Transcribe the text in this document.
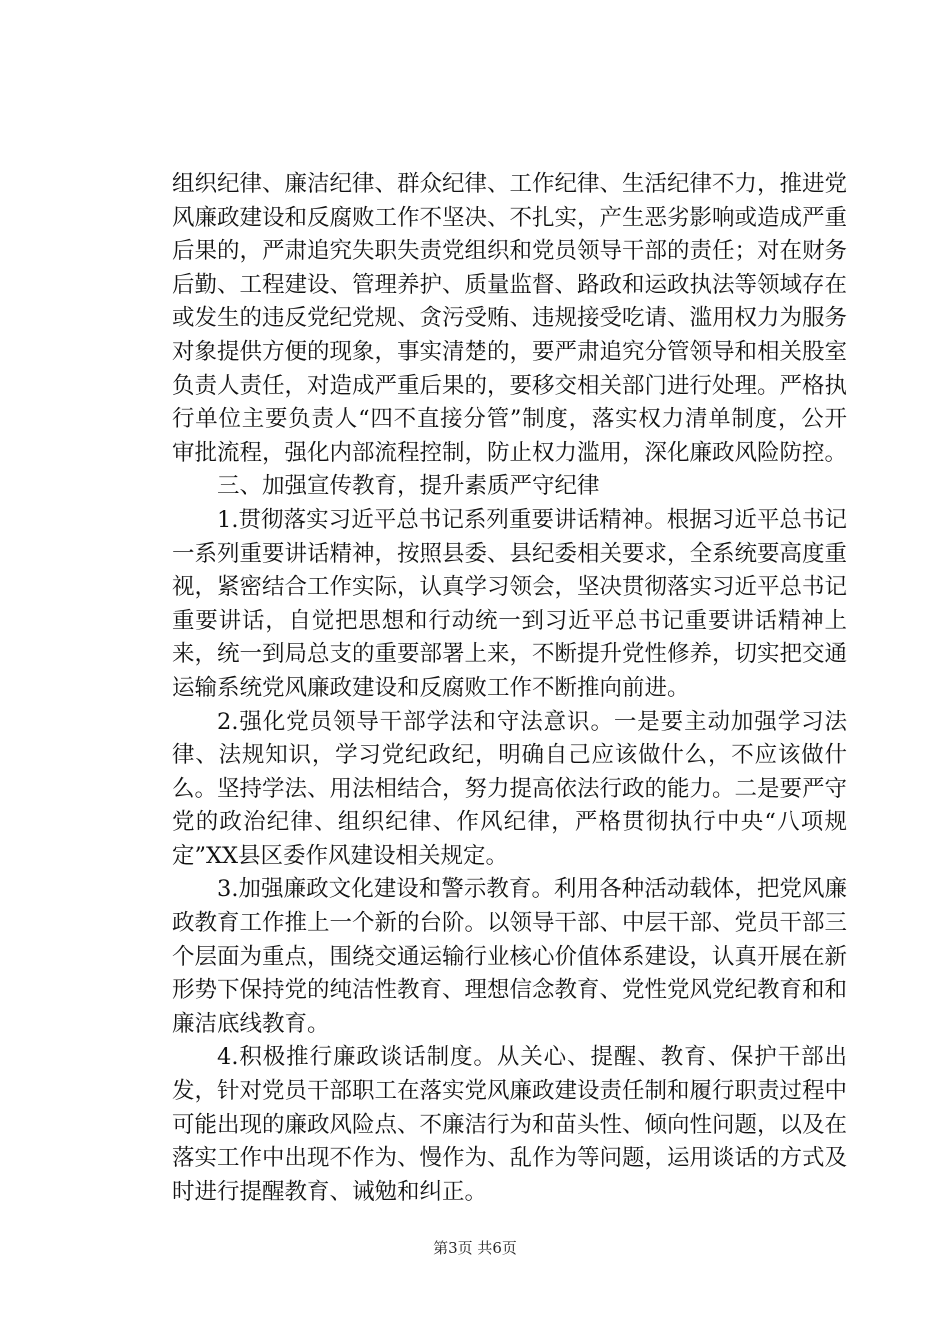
组织纪律、廉洁纪律、群众纪律、工作纪律、生活纪律不力，推进党风廉政建设和反腐败工作不坚决、不扎实，产生恶劣影响或造成严重后果的，严肃追究失职失责党组织和党员领导干部的责任；对在财务后勤、工程建设、管理养护、质量监督、路政和运政执法等领域存在或发生的违反党纪党规、贪污受贿、违规接受吃请、滥用权力为服务对象提供方便的现象，事实清楚的，要严肃追究分管领导和相关股室负责人责任，对造成严重后果的，要移交相关部门进行处理。严格执行单位主要负责人“四不直接分管”制度，落实权力清单制度，公开审批流程，强化内部流程控制，防止权力滥用，深化廉政风险防控。

三、加强宣传教育，提升素质严守纪律

1.贯彻落实习近平总书记系列重要讲话精神。根据习近平总书记一系列重要讲话精神，按照县委、县纪委相关要求，全系统要高度重视，紧密结合工作实际，认真学习领会，坚决贯彻落实习近平总书记重要讲话，自觉把思想和行动统一到习近平总书记重要讲话精神上来，统一到局总支的重要部署上来，不断提升党性修养，切实把交通运输系统党风廉政建设和反腐败工作不断推向前进。

2.强化党员领导干部学法和守法意识。一是要主动加强学习法律、法规知识，学习党纪政纪，明确自己应该做什么，不应该做什么。坚持学法、用法相结合，努力提高依法行政的能力。二是要严守党的政治纪律、组织纪律、作风纪律，严格贯彻执行中央“八项规定”XX县区委作风建设相关规定。

3.加强廉政文化建设和警示教育。利用各种活动载体，把党风廉政教育工作推上一个新的台阶。以领导干部、中层干部、党员干部三个层面为重点，围绕交通运输行业核心价值体系建设，认真开展在新形势下保持党的纯洁性教育、理想信念教育、党性党风党纪教育和和廉洁底线教育。

4.积极推行廉政谈话制度。从关心、提醒、教育、保护干部出发，针对党员干部职工在落实党风廉政建设责任制和履行职责过程中可能出现的廉政风险点、不廉洁行为和苗头性、倾向性问题，以及在落实工作中出现不作为、慢作为、乱作为等问题，运用谈话的方式及时进行提醒教育、诫勉和纠正。

第3页 共6页
